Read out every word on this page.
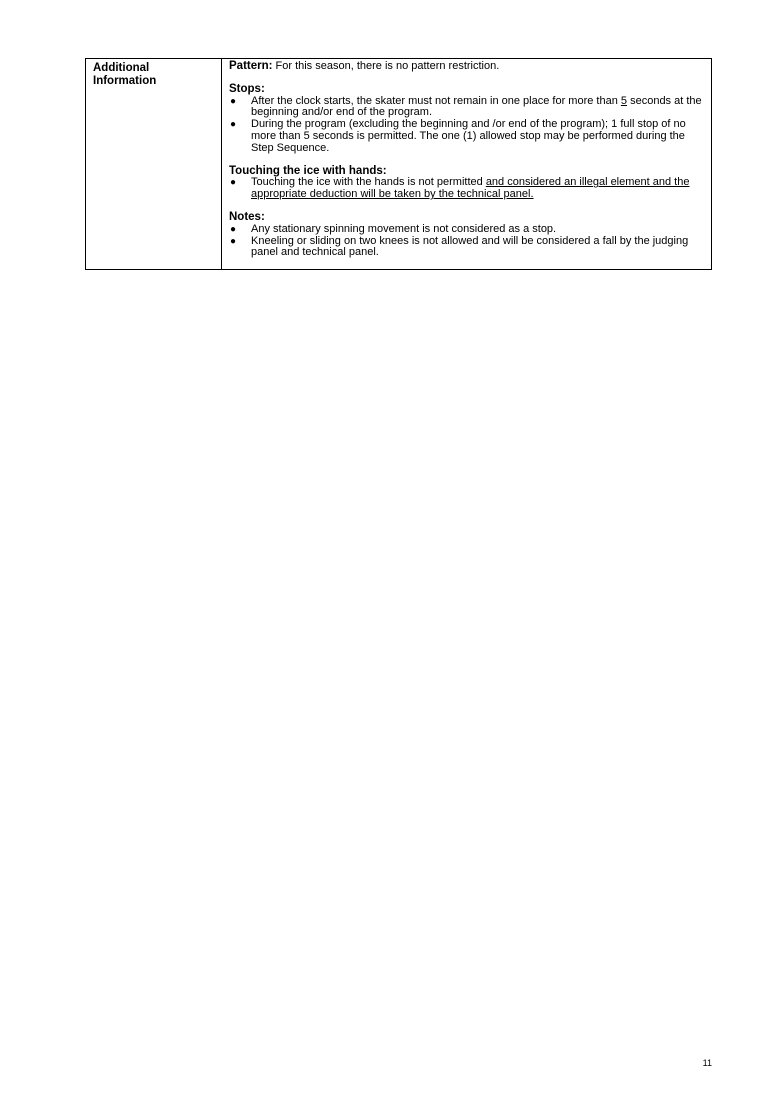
Additional
Information

Pattern: For this season, there is no pattern restriction.
Stops:
● After the clock starts, the skater must not remain in one place for more than 5 seconds at the beginning and/or end of the program.
● During the program (excluding the beginning and /or end of the program); 1 full stop of no more than 5 seconds is permitted. The one (1) allowed stop may be performed during the Step Sequence.
Touching the ice with hands:
● Touching the ice with the hands is not permitted and considered an illegal element and the appropriate deduction will be taken by the technical panel.
Notes:
● Any stationary spinning movement is not considered as a stop.
● Kneeling or sliding on two knees is not allowed and will be considered a fall by the judging panel and technical panel.
11
